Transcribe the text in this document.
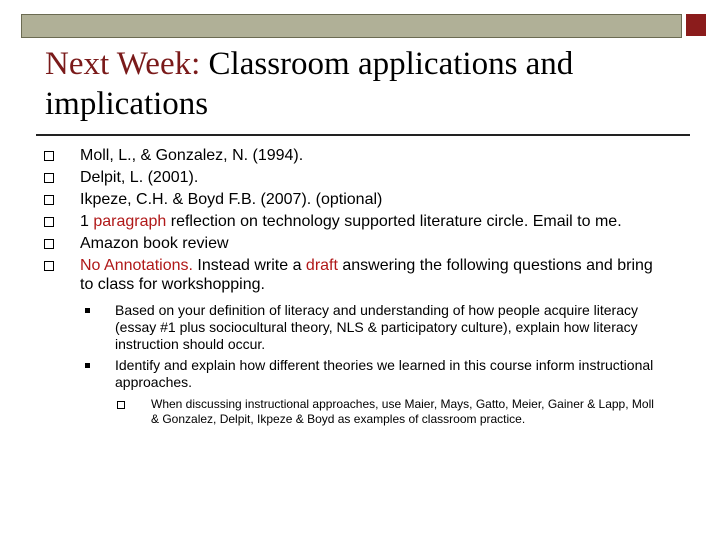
Next Week: Classroom applications and implications
Moll, L., & Gonzalez, N. (1994).
Delpit, L. (2001).
Ikpeze, C.H. & Boyd F.B. (2007). (optional)
1 paragraph reflection on technology supported literature circle. Email to me.
Amazon book review
No Annotations. Instead write a draft answering the following questions and bring to class for workshopping.
Based on your definition of literacy and understanding of how people acquire literacy (essay #1 plus sociocultural theory, NLS & participatory culture), explain how literacy instruction should occur.
Identify and explain how different theories we learned in this course inform instructional approaches.
When discussing instructional approaches, use Maier, Mays, Gatto, Meier, Gainer & Lapp, Moll & Gonzalez, Delpit, Ikpeze & Boyd as examples of classroom practice.
